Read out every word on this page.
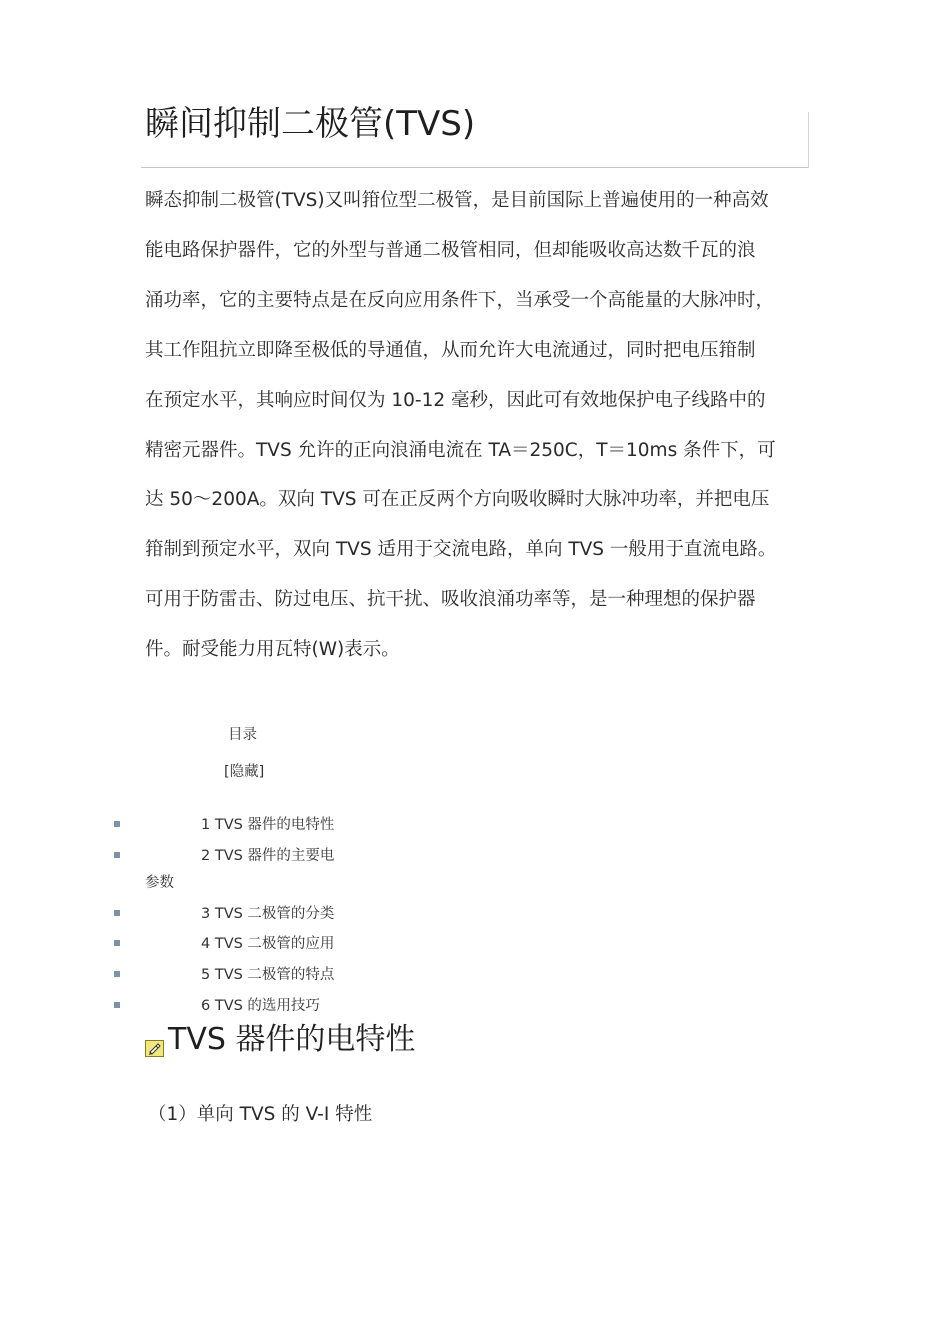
瞬间抑制二极管(TVS)

瞬态抑制二极管(TVS)又叫箝位型二极管，是目前国际上普遍使用的一种高效
能电路保护器件，它的外型与普通二极管相同，但却能吸收高达数千瓦的浪
涌功率，它的主要特点是在反向应用条件下，当承受一个高能量的大脉冲时，
其工作阻抗立即降至极低的导通值，从而允许大电流通过，同时把电压箝制
在预定水平，其响应时间仅为 10-12 毫秒，因此可有效地保护电子线路中的
精密元器件。TVS 允许的正向浪涌电流在 TA＝250C，T＝10ms 条件下，可
达 50～200A。双向 TVS 可在正反两个方向吸收瞬时大脉冲功率，并把电压
箝制到预定水平，双向 TVS 适用于交流电路，单向 TVS 一般用于直流电路。
可用于防雷击、防过电压、抗干扰、吸收浪涌功率等，是一种理想的保护器
件。耐受能力用瓦特(W)表示。

目录
[隐藏]
1 TVS 器件的电特性
2 TVS 器件的主要电
3 TVS 二极管的分类
4 TVS 二极管的应用
5 TVS 二极管的特点
6 TVS 的选用技巧
参数
TVS 器件的电特性
（1）单向 TVS 的 V-I 特性
